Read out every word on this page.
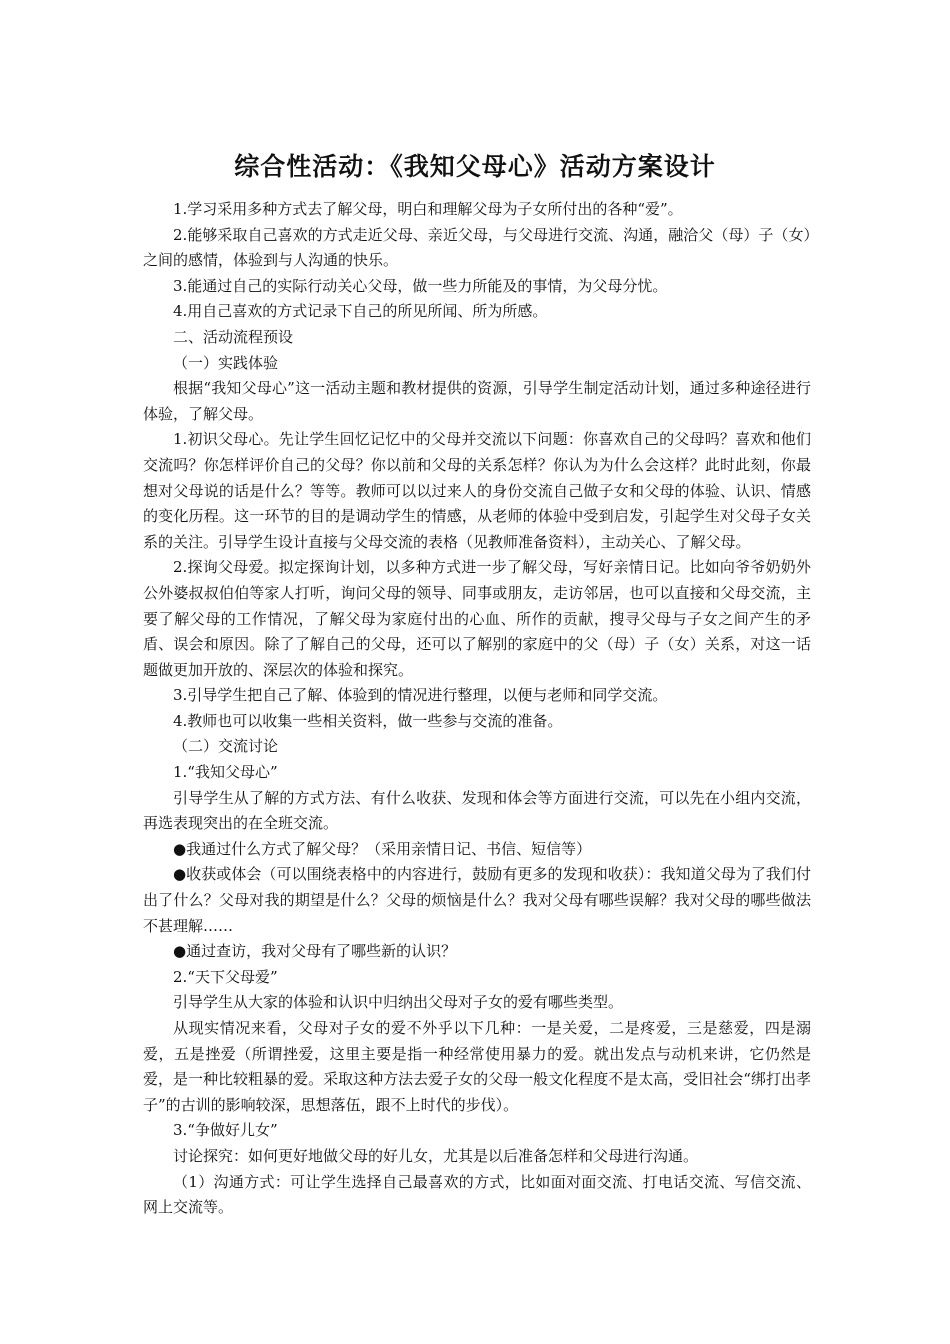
综合性活动：《我知父母心》活动方案设计

1.学习采用多种方式去了解父母，明白和理解父母为子女所付出的各种“爱”。

2.能够采取自己喜欢的方式走近父母、亲近父母，与父母进行交流、沟通，融洽父（母）子（女）之间的感情，体验到与人沟通的快乐。

3.能通过自己的实际行动关心父母，做一些力所能及的事情，为父母分忧。

4.用自己喜欢的方式记录下自己的所见所闻、所为所感。

二、活动流程预设

（一）实践体验

根据“我知父母心”这一活动主题和教材提供的资源，引导学生制定活动计划，通过多种途径进行体验，了解父母。

1.初识父母心。先让学生回忆记忆中的父母并交流以下问题：你喜欢自己的父母吗？喜欢和他们交流吗？你怎样评价自己的父母？你以前和父母的关系怎样？你认为为什么会这样？此时此刻，你最想对父母说的话是什么？等等。教师可以以过来人的身份交流自己做子女和父母的体验、认识、情感的变化历程。这一环节的目的是调动学生的情感，从老师的体验中受到启发，引起学生对父母子女关系的关注。引导学生设计直接与父母交流的表格（见教师准备资料），主动关心、了解父母。

2.探询父母爱。拟定探询计划，以多种方式进一步了解父母，写好亲情日记。比如向爷爷奶奶外公外婆叔叔伯伯等家人打听，询问父母的领导、同事或朋友，走访邻居，也可以直接和父母交流，主要了解父母的工作情况，了解父母为家庭付出的心血、所作的贡献，搜寻父母与子女之间产生的矛盾、误会和原因。除了了解自己的父母，还可以了解别的家庭中的父（母）子（女）关系，对这一话题做更加开放的、深层次的体验和探究。

3.引导学生把自己了解、体验到的情况进行整理，以便与老师和同学交流。

4.教师也可以收集一些相关资料，做一些参与交流的准备。

（二）交流讨论

1.“我知父母心”

引导学生从了解的方式方法、有什么收获、发现和体会等方面进行交流，可以先在小组内交流，再选表现突出的在全班交流。

●我通过什么方式了解父母？（采用亲情日记、书信、短信等）

●收获或体会（可以围绕表格中的内容进行，鼓励有更多的发现和收获）：我知道父母为了我们付出了什么？父母对我的期望是什么？父母的烦恼是什么？我对父母有哪些误解？我对父母的哪些做法不甚理解……

●通过查访，我对父母有了哪些新的认识？

2.“天下父母爱”

引导学生从大家的体验和认识中归纳出父母对子女的爱有哪些类型。

从现实情况来看，父母对子女的爱不外乎以下几种：一是关爱，二是疼爱，三是慈爱，四是溺爱，五是挫爱（所谓挫爱，这里主要是指一种经常使用暴力的爱。就出发点与动机来讲，它仍然是爱，是一种比较粗暴的爱。采取这种方法去爱子女的父母一般文化程度不是太高，受旧社会“绑打出孝子”的古训的影响较深，思想落伍，跟不上时代的步伐）。

3.“争做好儿女”

讨论探究：如何更好地做父母的好儿女，尤其是以后准备怎样和父母进行沟通。

（1）沟通方式：可让学生选择自己最喜欢的方式，比如面对面交流、打电话交流、写信交流、网上交流等。
